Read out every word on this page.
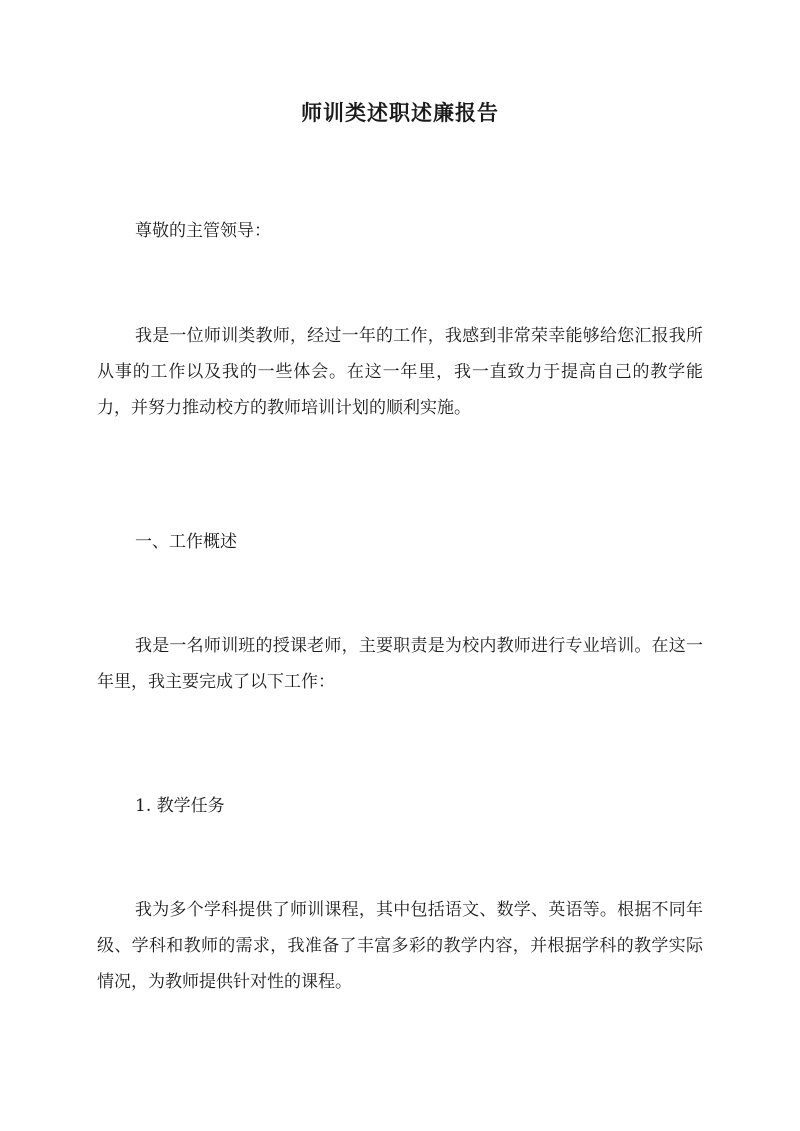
师训类述职述廉报告

尊敬的主管领导：

我是一位师训类教师，经过一年的工作，我感到非常荣幸能够给您汇报我所从事的工作以及我的一些体会。在这一年里，我一直致力于提高自己的教学能力，并努力推动校方的教师培训计划的顺利实施。

一、工作概述

我是一名师训班的授课老师，主要职责是为校内教师进行专业培训。在这一年里，我主要完成了以下工作：

1. 教学任务

我为多个学科提供了师训课程，其中包括语文、数学、英语等。根据不同年级、学科和教师的需求，我准备了丰富多彩的教学内容，并根据学科的教学实际情况，为教师提供针对性的课程。
